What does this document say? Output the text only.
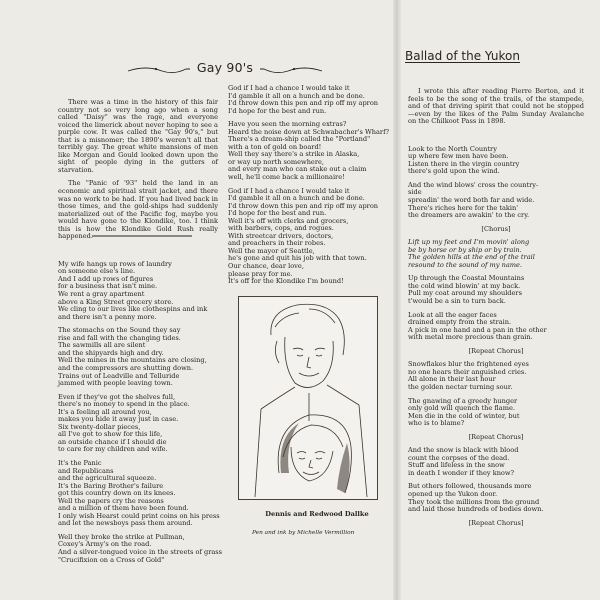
Gay 90's

There was a time in the history of this fair country not so very long ago when a song called "Daisy" was the rage, and everyone voiced the limerick about never hoping to see a purple cow. It was called the "Gay 90's," but that is a misnomer; the 1890's weren't all that terribly gay. The great white mansions of men like Morgan and Gould looked down upon the sight of people dying in the gutters of starvation.

The "Panic of '93" held the land in an economic and spiritual strait jacket, and there was no work to be had. If you had lived back in those times, and the gold-ships had suddenly materialized out of the Pacific fog, maybe you would have gone to the Klondike, too. I think this is how the Klondike Gold Rush really happened.

My wife hangs up rows of laundry
on someone else's line.
And I add up rows of figures
for a business that isn't mine.
We rent a gray apartment
above a King Street grocery store.
We cling to our lives like clothespins and ink
and there isn't a penny more.
The stomachs on the Sound they say
rise and fall with the changing tides.
The sawmills all are silent
and the shipyards high and dry.
Well the mines in the mountains are closing,
and the compressors are shutting down.
Trains out of Leadville and Telluride
jammed with people leaving town.
Even if they've got the shelves full,
there's no money to spend in the place.
It's a feeling all around you,
makes you hide it away just in case.
Six twenty-dollar pieces,
all I've got to show for this life,
an outside chance if I should die
to care for my children and wife.
It's the Panic
and Republicans
and the agricultural squeeze.
It's the Baring Brother's failure
got this country down on its knees.
Well the papers cry the reasons
and a million of them have been found.
I only wish Hearst could print coins on his press
and let the newsboys pass them around.
Well they broke the strike at Pullman,
Coxey's Army's on the road.
And a silver-tongued voice in the streets of grass
"Crucifixion on a Cross of Gold"
God if I had a chance I would take it
I'd gamble it all on a hunch and be done.
I'd throw down this pen and rip off my apron
I'd hope for the best and run.
Have you seen the morning extras?
Heard the noise down at Schwabacher's Wharf?
There's a dream-ship called the "Portland"
with a ton of gold on board!
Well they say there's a strike in Alaska,
or way up north somewhere,
and every man who can stake out a claim
well, he'll come back a millionaire!
God if I had a chance I would take it
I'd gamble it all on a hunch and be done.
I'd throw down this pen and rip off my apron
I'd hope for the best and run.
Well it's off with clerks and grocers,
with barbers, cops, and rogues.
With streetcar drivers, doctors,
and preachers in their robes.
Well the mayor of Seattle,
he's gone and quit his job with that town.
Our chance, dear love,
please pray for me.
It's off for the Klondike I'm bound!
Dennis and Redwood Dallke
Pen and ink by Michelle Vermillion
Ballad of the Yukon

I wrote this after reading Pierre Berton, and it feels to be the song of the trails, of the stampede, and of that driving spirit that could not be stopped—even by the likes of the Palm Sunday Avalanche on the Chilkoot Pass in 1898.

Look to the North Country
up where few men have been.
Listen there in the virgin country
there's gold upon the wind.
And the wind blows' cross the country-
side
spreadin' the word both far and wide.
There's riches here for the takin'
the dreamers are awakin' to the cry.
[Chorus]
Lift up my feet and I'm movin' along
be by horse or by ship or by train.
The golden hills at the end of the trail
resound to the sound of my name.
Up through the Coastal Mountains
the cold wind blowin' at my back.
Pull my coat around my shoulders
t'would be a sin to turn back.
Look at all the eager faces
drained empty from the strain.
A pick in one hand and a pan in the other
with metal more precious than grain.
[Repeat Chorus]
Snowflakes blur the frightened eyes
no one hears their anguished cries.
All alone in their last hour
the golden nectar turning sour.
The gnawing of a greedy hunger
only gold will quench the flame.
Men die in the cold of winter, but
who is to blame?
[Repeat Chorus]
And the snow is black with blood
count the corpses of the dead.
Stuff and lifeless in the snow
in death I wonder if they know?
But others followed, thousands more
opened up the Yukon door.
They took the millions from the ground
and laid those hundreds of bodies down.
[Repeat Chorus]
